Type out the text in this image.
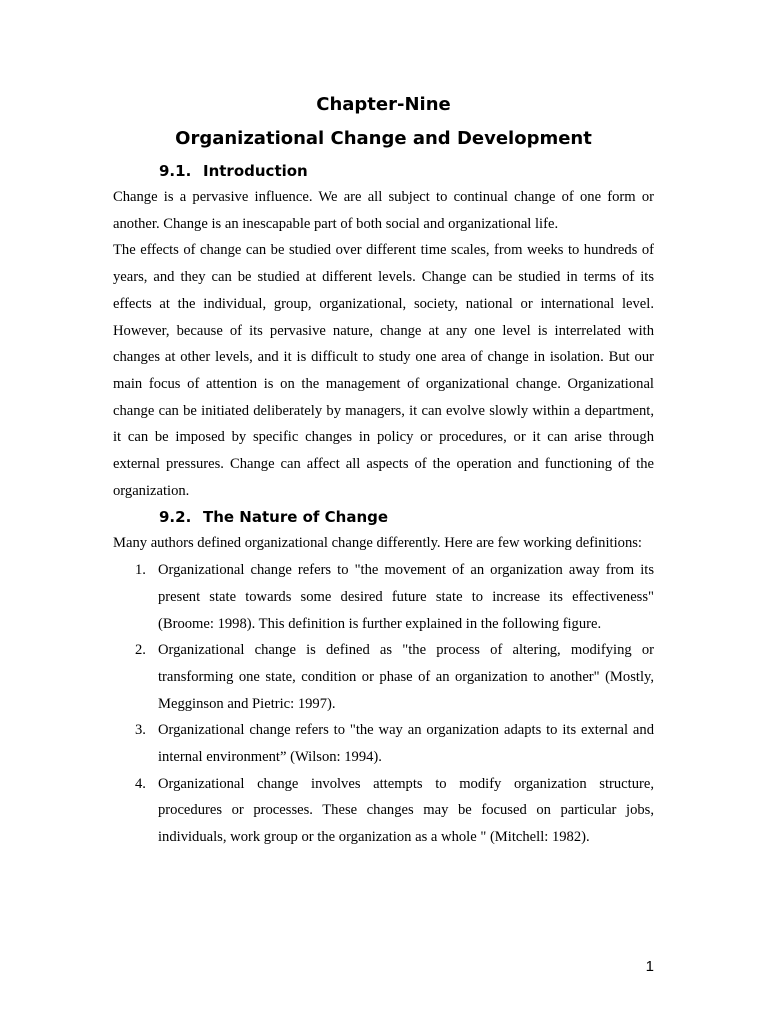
Chapter-Nine
Organizational Change and Development
9.1. Introduction

Change is a pervasive influence. We are all subject to continual change of one form or another. Change is an inescapable part of both social and organizational life.

The effects of change can be studied over different time scales, from weeks to hundreds of years, and they can be studied at different levels. Change can be studied in terms of its effects at the individual, group, organizational, society, national or international level. However, because of its pervasive nature, change at any one level is interrelated with changes at other levels, and it is difficult to study one area of change in isolation. But our main focus of attention is on the management of organizational change. Organizational change can be initiated deliberately by managers, it can evolve slowly within a department, it can be imposed by specific changes in policy or procedures, or it can arise through external pressures. Change can affect all aspects of the operation and functioning of the organization.

9.2. The Nature of Change

Many authors defined organizational change differently. Here are few working definitions:

1. Organizational change refers to "the movement of an organization away from its present state towards some desired future state to increase its effectiveness" (Broome: 1998). This definition is further explained in the following figure.
2. Organizational change is defined as "the process of altering, modifying or transforming one state, condition or phase of an organization to another" (Mostly, Megginson and Pietric: 1997).
3. Organizational change refers to "the way an organization adapts to its external and internal environment” (Wilson: 1994).
4. Organizational change involves attempts to modify organization structure, procedures or processes. These changes may be focused on particular jobs, individuals, work group or the organization as a whole " (Mitchell: 1982).
1
